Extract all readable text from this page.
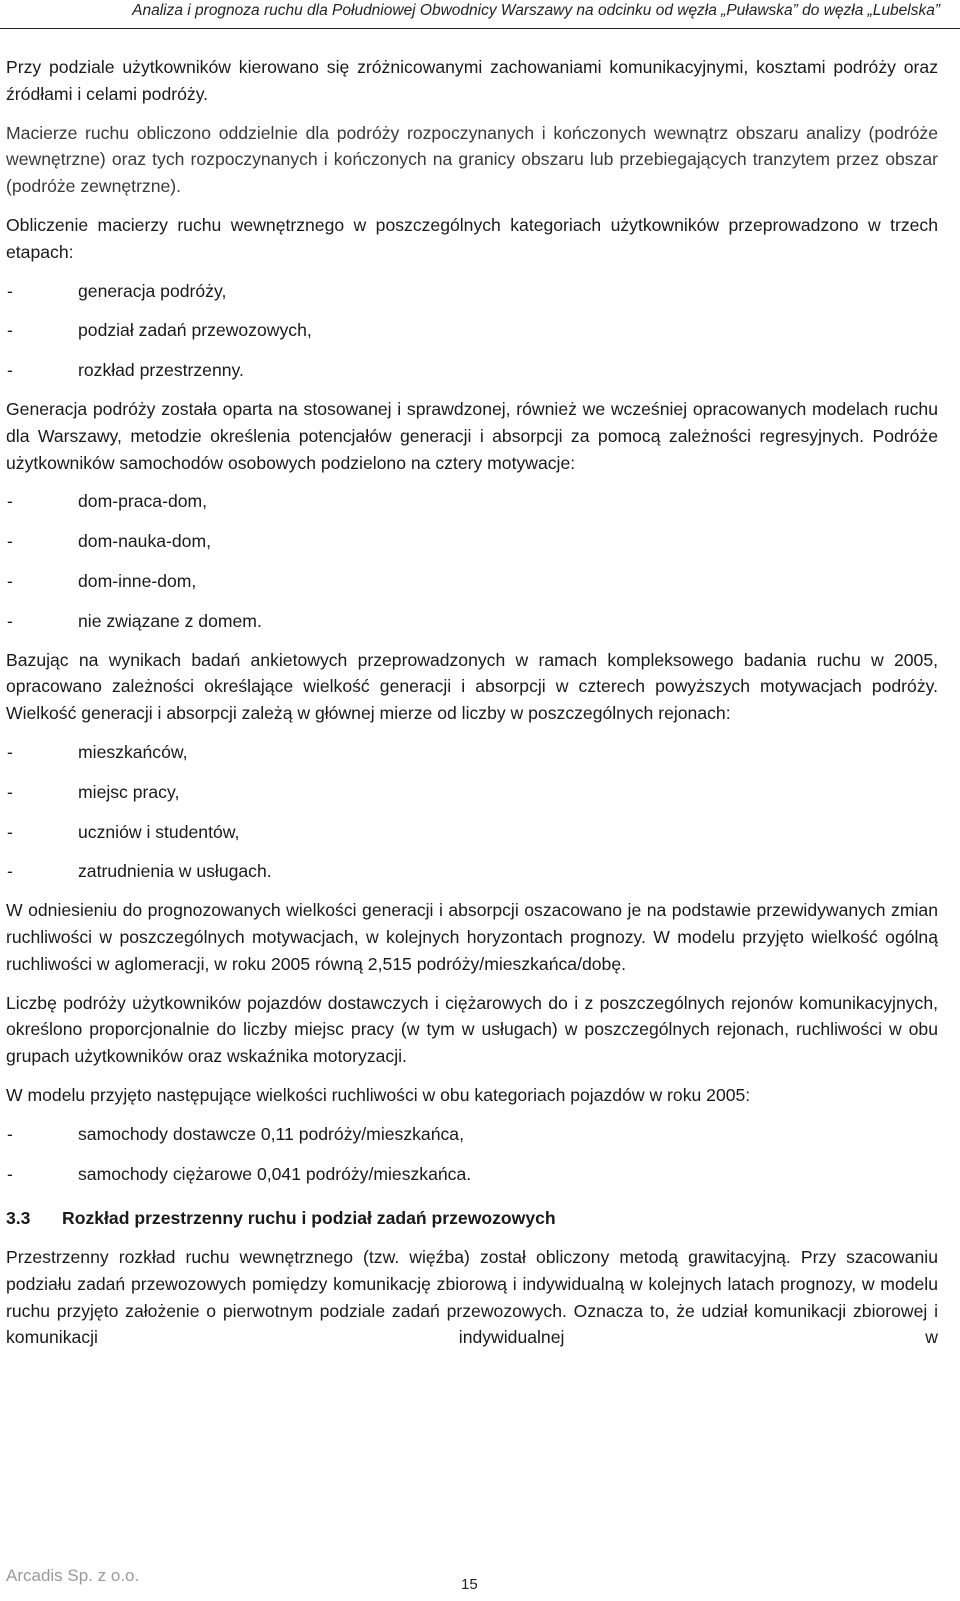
Analiza i prognoza ruchu dla Południowej Obwodnicy Warszawy na odcinku od węzła „Puławska” do węzła „Lubelska”

Przy podziale użytkowników kierowano się zróżnicowanymi zachowaniami komunikacyjnymi, kosztami podróży oraz źródłami i celami podróży.

Macierze ruchu obliczono oddzielnie dla podróży rozpoczynanych i kończonych wewnątrz obszaru analizy (podróże wewnętrzne) oraz tych rozpoczynanych i kończonych na granicy obszaru lub przebiegających tranzytem przez obszar (podróże zewnętrzne).

Obliczenie macierzy ruchu wewnętrznego w poszczególnych kategoriach użytkowników przeprowadzono w trzech etapach:

-	generacja podróży,
-	podział zadań przewozowych,
-	rozkład przestrzenny.

Generacja podróży została oparta na stosowanej i sprawdzonej, również we wcześniej opracowanych modelach ruchu dla Warszawy, metodzie określenia potencjałów generacji i absorpcji za pomocą zależności regresyjnych. Podróże użytkowników samochodów osobowych podzielono na cztery motywacje:

-	dom-praca-dom,
-	dom-nauka-dom,
-	dom-inne-dom,
-	nie związane z domem.

Bazując na wynikach badań ankietowych przeprowadzonych w ramach kompleksowego badania ruchu w 2005, opracowano zależności określające wielkość generacji i absorpcji w czterech powyższych motywacjach podróży. Wielkość generacji i absorpcji zależą w głównej mierze od liczby w poszczególnych rejonach:

-	mieszkańców,
-	miejsc pracy,
-	uczniów i studentów,
-	zatrudnienia w usługach.

W odniesieniu do prognozowanych wielkości generacji i absorpcji oszacowano je na podstawie przewidywanych zmian ruchliwości w poszczególnych motywacjach, w kolejnych horyzontach prognozy. W modelu przyjęto wielkość ogólną ruchliwości w aglomeracji, w roku 2005 równą 2,515 podróży/mieszkańca/dobę.

Liczbę podróży użytkowników pojazdów dostawczych i ciężarowych do i z poszczególnych rejonów komunikacyjnych, określono proporcjonalnie do liczby miejsc pracy (w tym w usługach) w poszczególnych rejonach, ruchliwości w obu grupach użytkowników oraz wskaźnika motoryzacji.

W modelu przyjęto następujące wielkości ruchliwości w obu kategoriach pojazdów w roku 2005:

-	samochody dostawcze 0,11 podróży/mieszkańca,
-	samochody ciężarowe 0,041 podróży/mieszkańca.
3.3 Rozkład przestrzenny ruchu i podział zadań przewozowych

Przestrzenny rozkład ruchu wewnętrznego (tzw. więźba) został obliczony metodą grawitacyjną. Przy szacowaniu podziału zadań przewozowych pomiędzy komunikację zbiorową i indywidualną w kolejnych latach prognozy, w modelu ruchu przyjęto założenie o pierwotnym podziale zadań przewozowych. Oznacza to, że udział komunikacji zbiorowej i komunikacji indywidualnej w

Arcadis Sp. z o.o.	15
